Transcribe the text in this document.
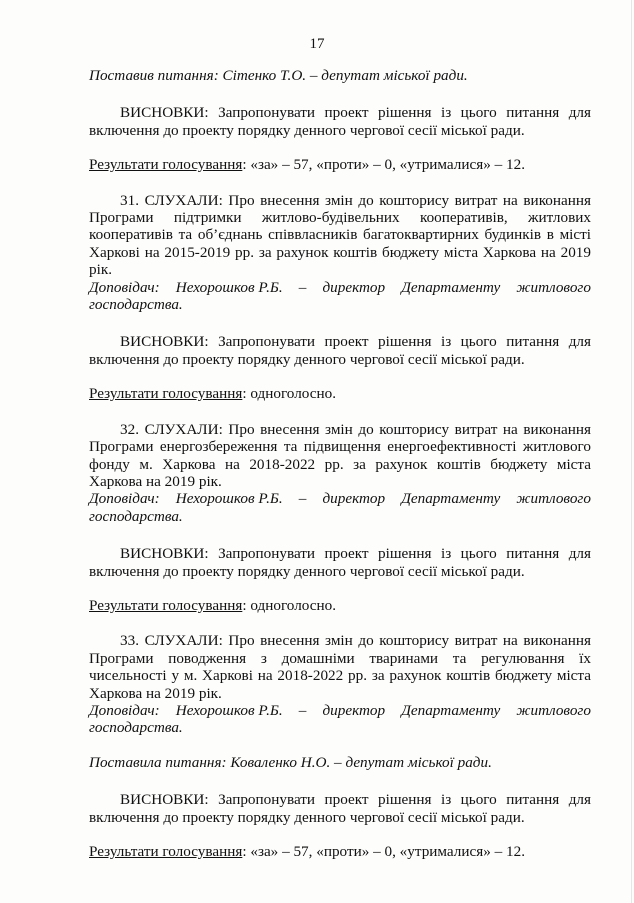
17

Поставив питання: Сітенко Т.О. – депутат міської ради.

ВИСНОВКИ: Запропонувати проект рішення із цього питання для включення до проекту порядку денного чергової сесії міської ради.

Результати голосування: «за» – 57, «проти» – 0, «утрималися» – 12.

31. СЛУХАЛИ: Про внесення змін до кошторису витрат на виконання Програми підтримки житлово-будівельних кооперативів, житлових кооперативів та об’єднань співвласників багатоквартирних будинків в місті Харкові на 2015-2019 рр. за рахунок коштів бюджету міста Харкова на 2019 рік.

Доповідач: Нехорошков Р.Б. – директор Департаменту житлового

господарства.

ВИСНОВКИ: Запропонувати проект рішення із цього питання для включення до проекту порядку денного чергової сесії міської ради.

Результати голосування: одноголосно.

32. СЛУХАЛИ: Про внесення змін до кошторису витрат на виконання Програми енергозбереження та підвищення енергоефективності житлового фонду м. Харкова на 2018-2022 рр. за рахунок коштів бюджету міста Харкова на 2019 рік.

Доповідач: Нехорошков Р.Б. – директор Департаменту житлового

господарства.

ВИСНОВКИ: Запропонувати проект рішення із цього питання для включення до проекту порядку денного чергової сесії міської ради.

Результати голосування: одноголосно.

33. СЛУХАЛИ: Про внесення змін до кошторису витрат на виконання Програми поводження з домашніми тваринами та регулювання їх чисельності у м. Харкові на 2018-2022 рр. за рахунок коштів бюджету міста Харкова на 2019 рік.

Доповідач: Нехорошков Р.Б. – директор Департаменту житлового

господарства.

Поставила питання: Коваленко Н.О. – депутат міської ради.

ВИСНОВКИ: Запропонувати проект рішення із цього питання для включення до проекту порядку денного чергової сесії міської ради.

Результати голосування: «за» – 57, «проти» – 0, «утрималися» – 12.
